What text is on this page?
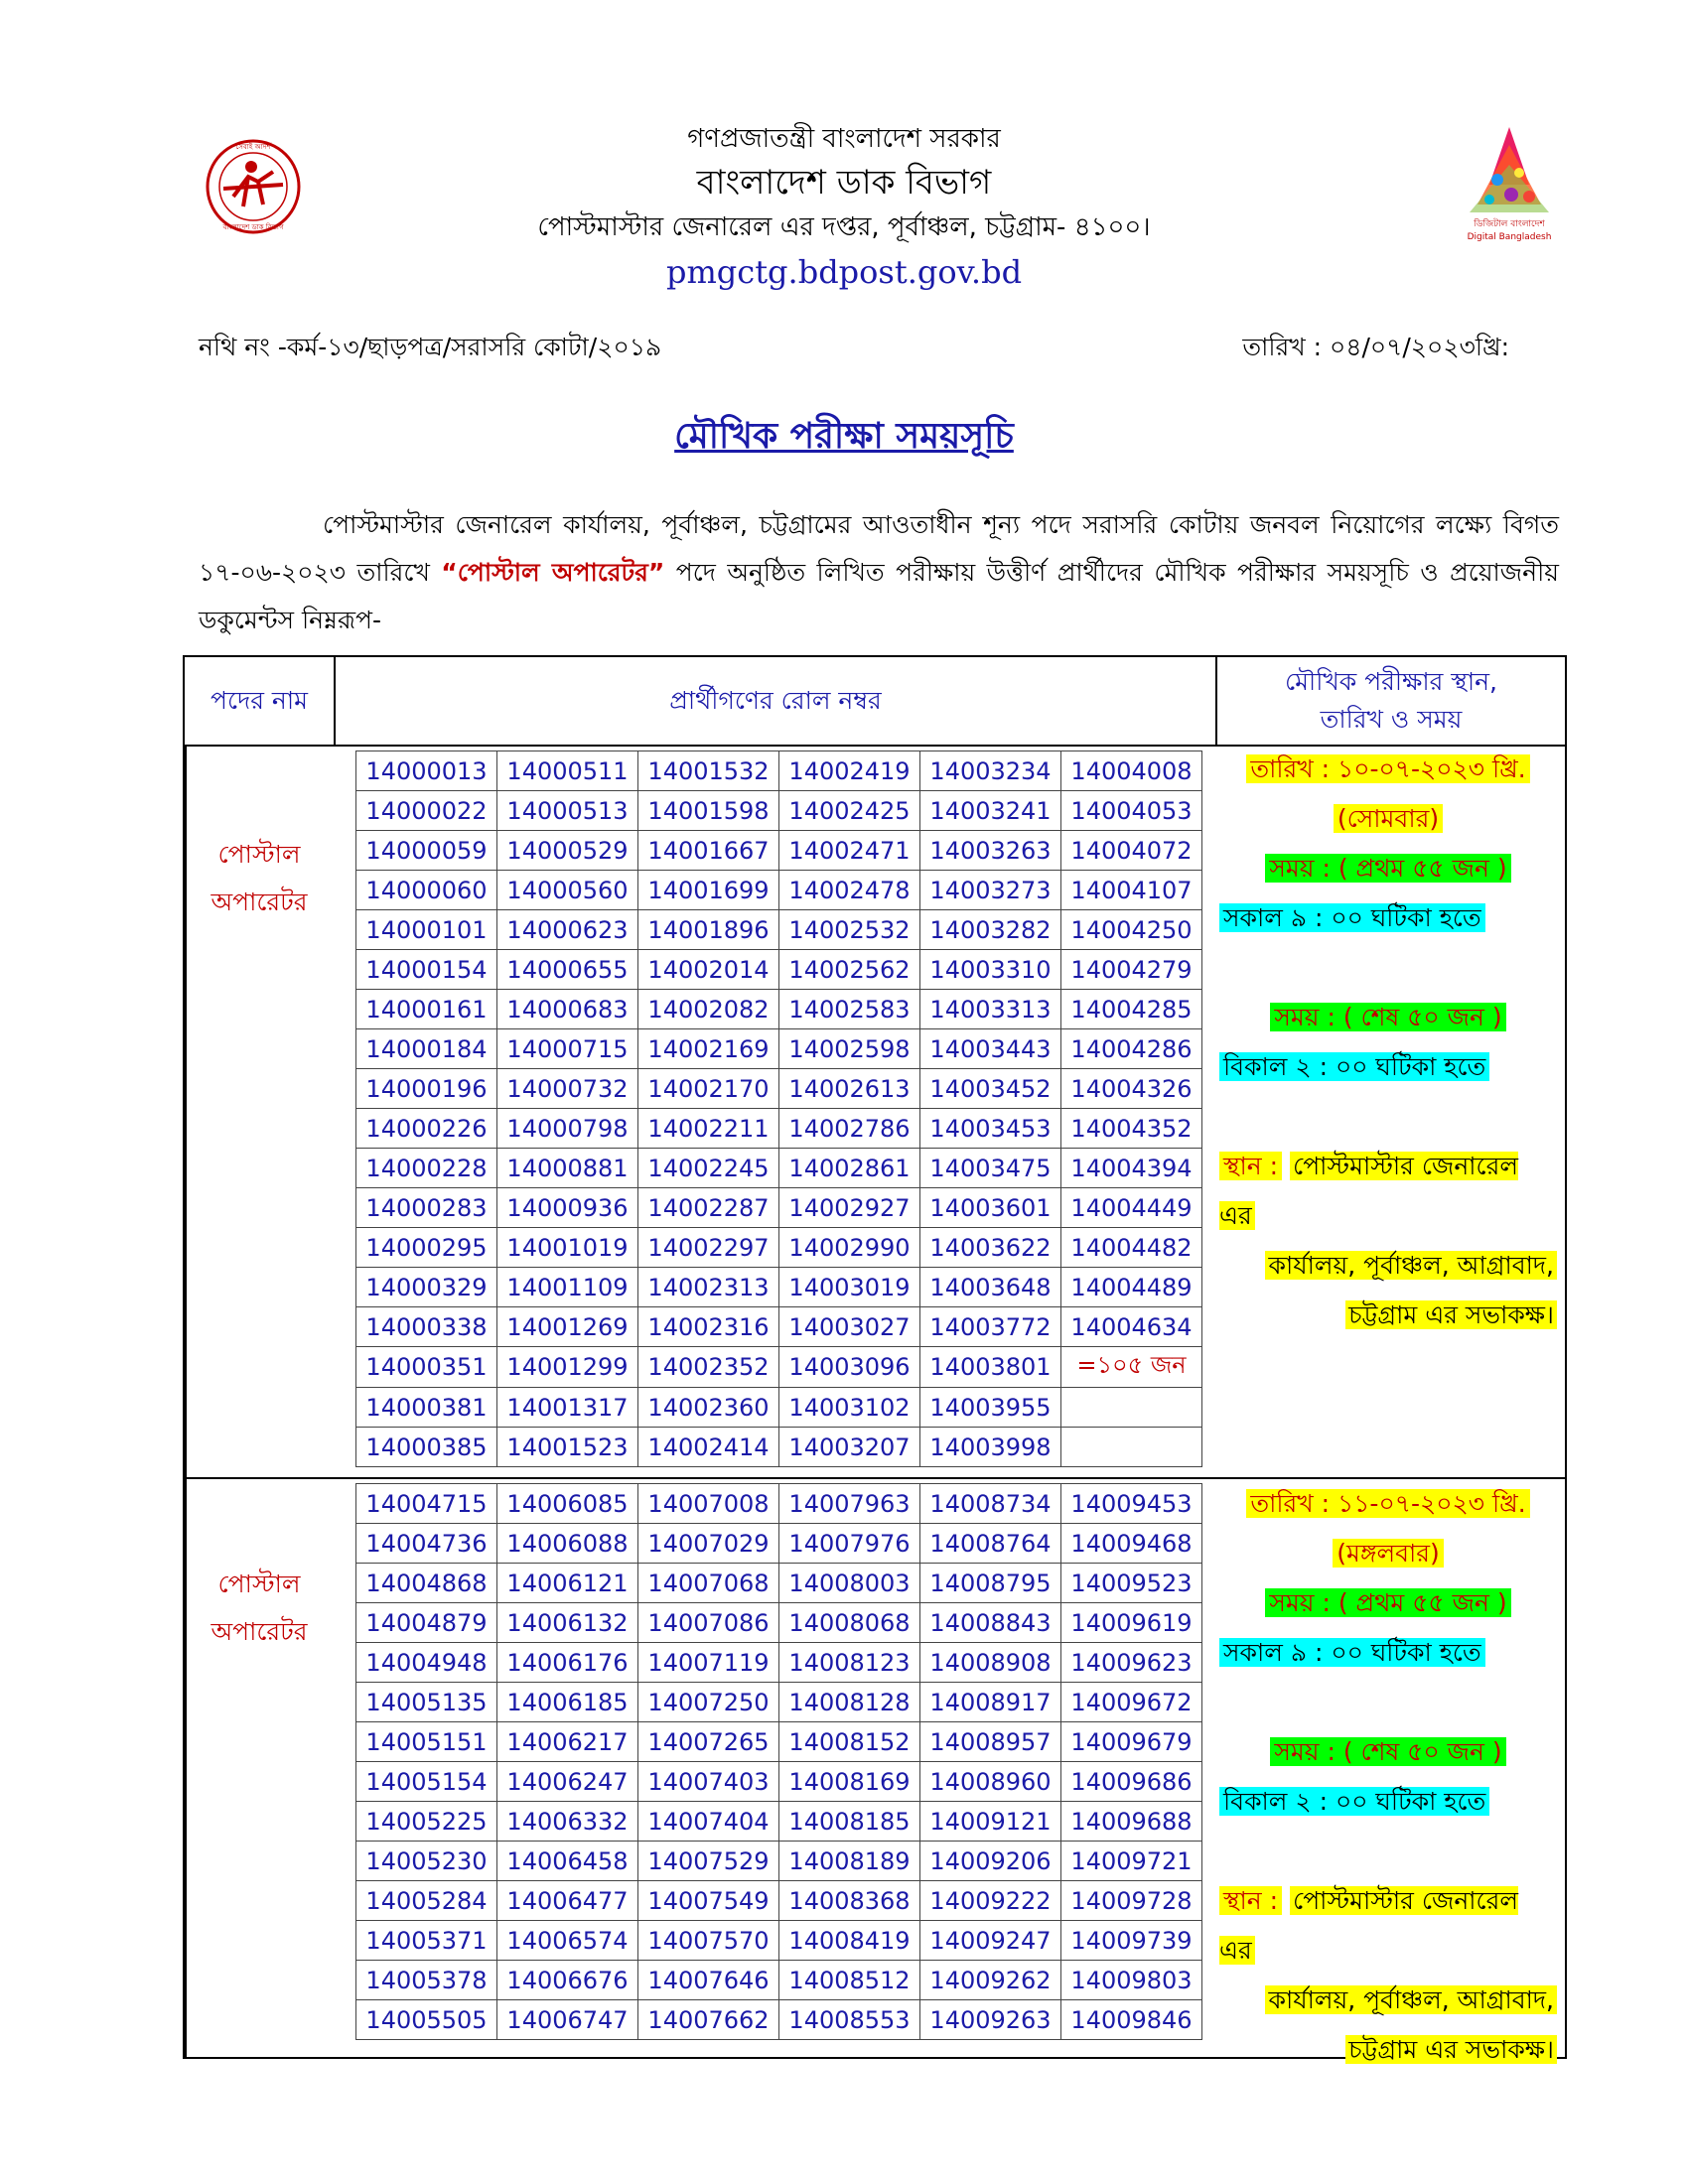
সেবাই আদর্শ
বাংলাদেশ ডাক বিভাগ	ডিজিটাল বাংলাদেশ
Digital Bangladesh
গণপ্রজাতন্ত্রী বাংলাদেশ সরকার
বাংলাদেশ ডাক বিভাগ
পোস্টমাস্টার জেনারেল এর দপ্তর, পূর্বাঞ্চল, চট্টগ্রাম- ৪১০০।
pmgctg.bdpost.gov.bd
নথি নং -কর্ম-১৩/ছাড়পত্র/সরাসরি কোটা/২০১৯	তারিখ : ০৪/০৭/২০২৩খ্রি:
মৌখিক পরীক্ষা সময়সূচি

পোস্টমাস্টার জেনারেল কার্যালয়, পূর্বাঞ্চল, চট্টগ্রামের আওতাধীন শূন্য পদে সরাসরি কোটায় জনবল নিয়োগের লক্ষ্যে বিগত ১৭-০৬-২০২৩ তারিখে “পোস্টাল অপারেটর” পদে অনুষ্ঠিত লিখিত পরীক্ষায় উত্তীর্ণ প্রার্থীদের মৌখিক পরীক্ষার সময়সূচি ও প্রয়োজনীয় ডকুমেন্টস নিম্নরূপ-

পদের নাম	প্রার্থীগণের রোল নম্বর
মৌখিক পরীক্ষার স্থান, তারিখ ও সময়
পোস্টাল
অপারেটর
14000013	14000511	14001532	14002419	14003234	14004008
14000022	14000513	14001598	14002425	14003241	14004053
14000059	14000529	14001667	14002471	14003263	14004072
14000060	14000560	14001699	14002478	14003273	14004107
14000101	14000623	14001896	14002532	14003282	14004250
14000154	14000655	14002014	14002562	14003310	14004279
14000161	14000683	14002082	14002583	14003313	14004285
14000184	14000715	14002169	14002598	14003443	14004286
14000196	14000732	14002170	14002613	14003452	14004326
14000226	14000798	14002211	14002786	14003453	14004352
14000228	14000881	14002245	14002861	14003475	14004394
14000283	14000936	14002287	14002927	14003601	14004449
14000295	14001019	14002297	14002990	14003622	14004482
14000329	14001109	14002313	14003019	14003648	14004489
14000338	14001269	14002316	14003027	14003772	14004634
14000351	14001299	14002352	14003096	14003801	=১০৫ জন
14000381	14001317	14002360	14003102	14003955	
14000385	14001523	14002414	14003207	14003998	
তারিখ : ১০-০৭-২০২৩ খ্রি.
(সোমবার)
সময় : ( প্রথম ৫৫ জন )
সকাল ৯ : ০০ ঘটিকা হতে

সময় : ( শেষ ৫০ জন )
বিকাল ২ : ০০ ঘটিকা হতে

স্থান : পোস্টমাস্টার জেনারেল এর
কার্যালয়, পূর্বাঞ্চল, আগ্রাবাদ,
চট্টগ্রাম এর সভাকক্ষ।
পোস্টাল
অপারেটর
14004715	14006085	14007008	14007963	14008734	14009453
14004736	14006088	14007029	14007976	14008764	14009468
14004868	14006121	14007068	14008003	14008795	14009523
14004879	14006132	14007086	14008068	14008843	14009619
14004948	14006176	14007119	14008123	14008908	14009623
14005135	14006185	14007250	14008128	14008917	14009672
14005151	14006217	14007265	14008152	14008957	14009679
14005154	14006247	14007403	14008169	14008960	14009686
14005225	14006332	14007404	14008185	14009121	14009688
14005230	14006458	14007529	14008189	14009206	14009721
14005284	14006477	14007549	14008368	14009222	14009728
14005371	14006574	14007570	14008419	14009247	14009739
14005378	14006676	14007646	14008512	14009262	14009803
14005505	14006747	14007662	14008553	14009263	14009846
তারিখ : ১১-০৭-২০২৩ খ্রি.
(মঙ্গলবার)
সময় : ( প্রথম ৫৫ জন )
সকাল ৯ : ০০ ঘটিকা হতে

সময় : ( শেষ ৫০ জন )
বিকাল ২ : ০০ ঘটিকা হতে

স্থান : পোস্টমাস্টার জেনারেল এর
কার্যালয়, পূর্বাঞ্চল, আগ্রাবাদ,
চট্টগ্রাম এর সভাকক্ষ।
